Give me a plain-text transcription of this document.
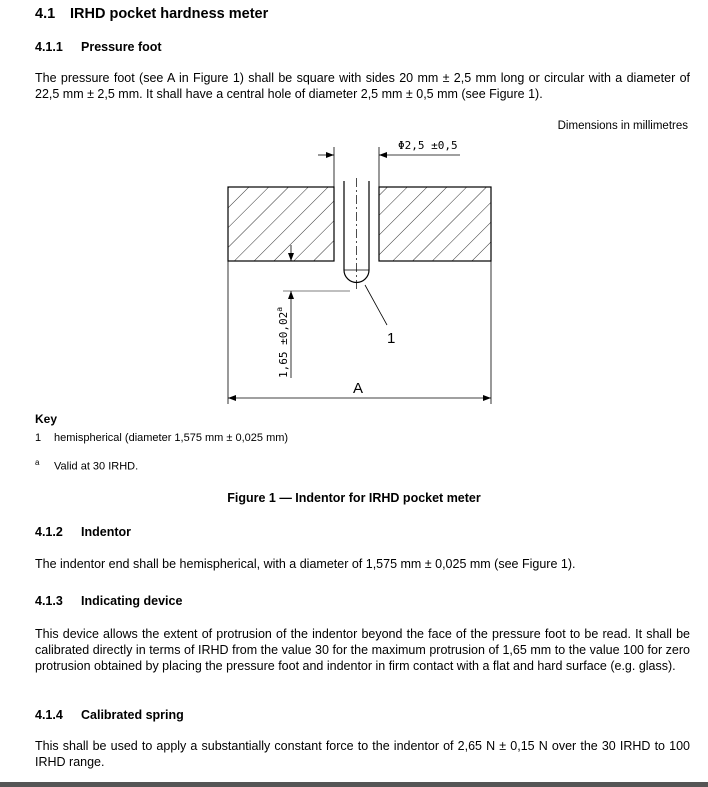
4.1 IRHD pocket hardness meter
4.1.1 Pressure foot
The pressure foot (see A in Figure 1) shall be square with sides 20 mm ± 2,5 mm long or circular with a diameter of 22,5 mm ± 2,5 mm. It shall have a central hole of diameter 2,5 mm ± 0,5 mm (see Figure 1).
Dimensions in millimetres
Φ2,5 ±0,5
1,65 ±0,02$^a$
1
A
Key
1 hemispherical (diameter 1,575 mm ± 0,025 mm)
$^a$ Valid at 30 IRHD.
Figure 1 — Indentor for IRHD pocket meter
4.1.2 Indentor
The indentor end shall be hemispherical, with a diameter of 1,575 mm ± 0,025 mm (see Figure 1).
4.1.3 Indicating device
This device allows the extent of protrusion of the indentor beyond the face of the pressure foot to be read. It shall be calibrated directly in terms of IRHD from the value 30 for the maximum protrusion of 1,65 mm to the value 100 for zero protrusion obtained by placing the pressure foot and indentor in firm contact with a flat and hard surface (e.g. glass).
4.1.4 Calibrated spring
This shall be used to apply a substantially constant force to the indentor of 2,65 N ± 0,15 N over the 30 IRHD to 100 IRHD range.
